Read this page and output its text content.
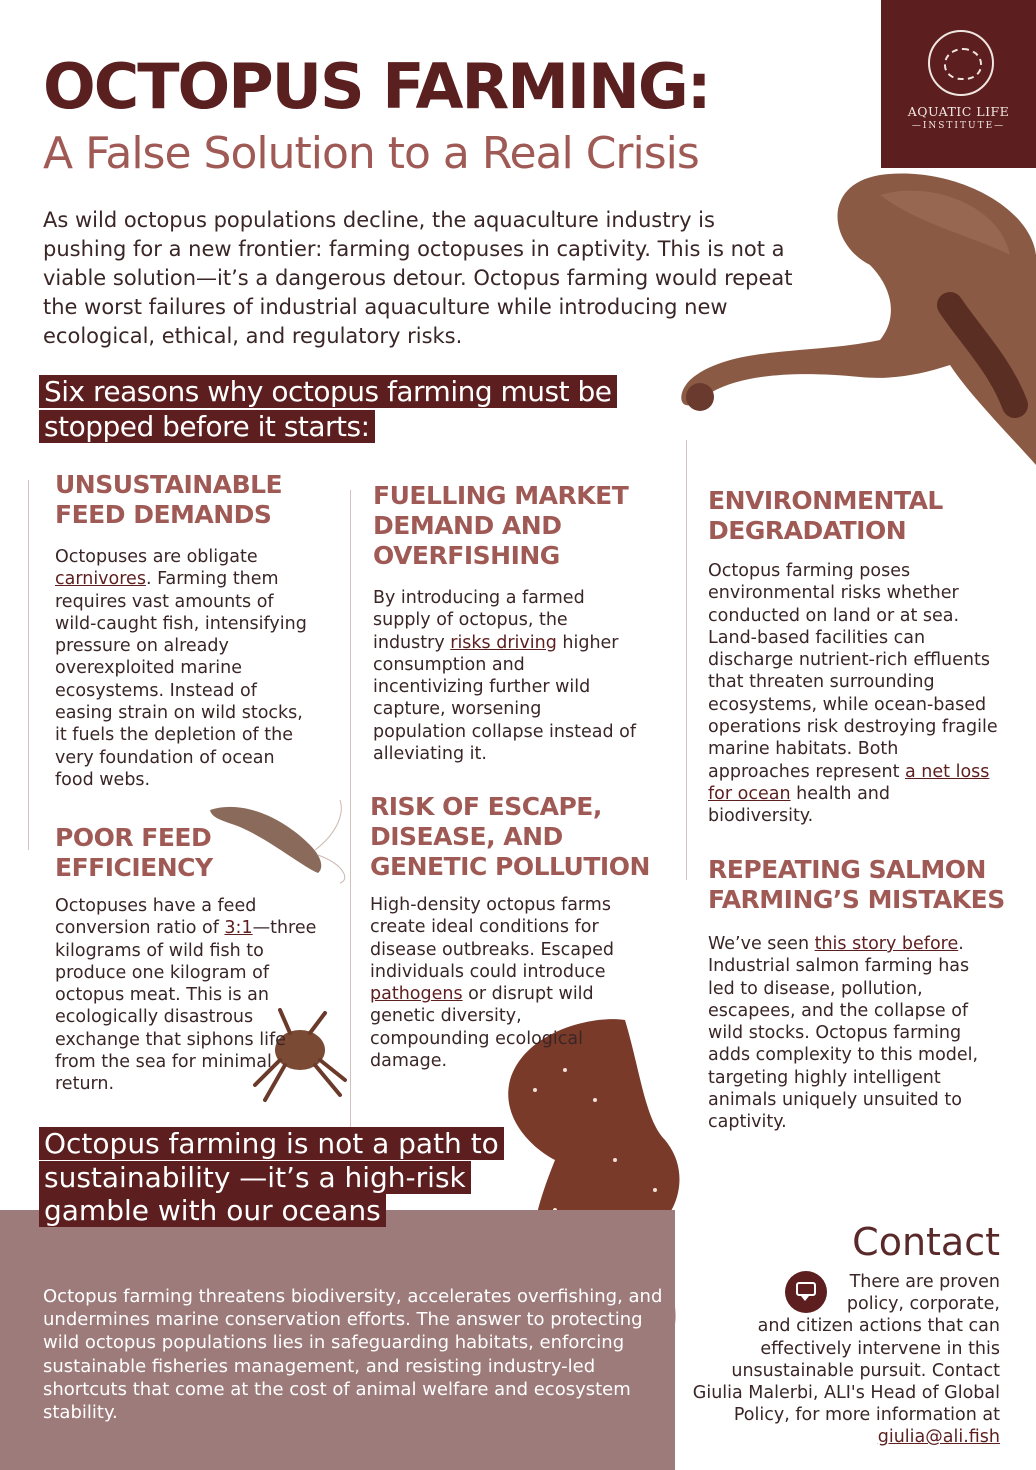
OCTOPUS FARMING:
A False Solution to a Real Crisis
As wild octopus populations decline, the aquaculture industry is pushing for a new frontier: farming octopuses in captivity. This is not a viable solution—it’s a dangerous detour. Octopus farming would repeat the worst failures of industrial aquaculture while introducing new ecological, ethical, and regulatory risks.
AQUATIC LIFE
—INSTITUTE—
Six reasons why octopus farming must be stopped before it starts:
UNSUSTAINABLE FEED DEMANDS

Octopuses are obligate carnivores. Farming them requires vast amounts of wild-caught fish, intensifying pressure on already overexploited marine ecosystems. Instead of easing strain on wild stocks, it fuels the depletion of the very foundation of ocean food webs.

POOR FEED EFFICIENCY

Octopuses have a feed conversion ratio of 3:1—three kilograms of wild fish to produce one kilogram of octopus meat. This is an ecologically disastrous exchange that siphons life from the sea for minimal return.

FUELLING MARKET DEMAND AND OVERFISHING

By introducing a farmed supply of octopus, the industry risks driving higher consumption and incentivizing further wild capture, worsening population collapse instead of alleviating it.

RISK OF ESCAPE, DISEASE, AND GENETIC POLLUTION

High-density octopus farms create ideal conditions for disease outbreaks. Escaped individuals could introduce pathogens or disrupt wild genetic diversity, compounding ecological damage.

ENVIRONMENTAL DEGRADATION

Octopus farming poses environmental risks whether conducted on land or at sea. Land-based facilities can discharge nutrient-rich effluents that threaten surrounding ecosystems, while ocean-based operations risk destroying fragile marine habitats. Both approaches represent a net loss for ocean health and biodiversity.

REPEATING SALMON FARMING’S MISTAKES

We’ve seen this story before. Industrial salmon farming has led to disease, pollution, escapees, and the collapse of wild stocks. Octopus farming adds complexity to this model, targeting highly intelligent animals uniquely unsuited to captivity.

Octopus farming is not a path to sustainability —it’s a high-risk gamble with our oceans
Octopus farming threatens biodiversity, accelerates overfishing, and undermines marine conservation efforts. The answer to protecting wild octopus populations lies in safeguarding habitats, enforcing sustainable fisheries management, and resisting industry-led shortcuts that come at the cost of animal welfare and ecosystem stability.
Contact
There are proven policy, corporate, and citizen actions that can effectively intervene in this unsustainable pursuit. Contact Giulia Malerbi, ALI's Head of Global Policy, for more information at giulia@ali.fish
